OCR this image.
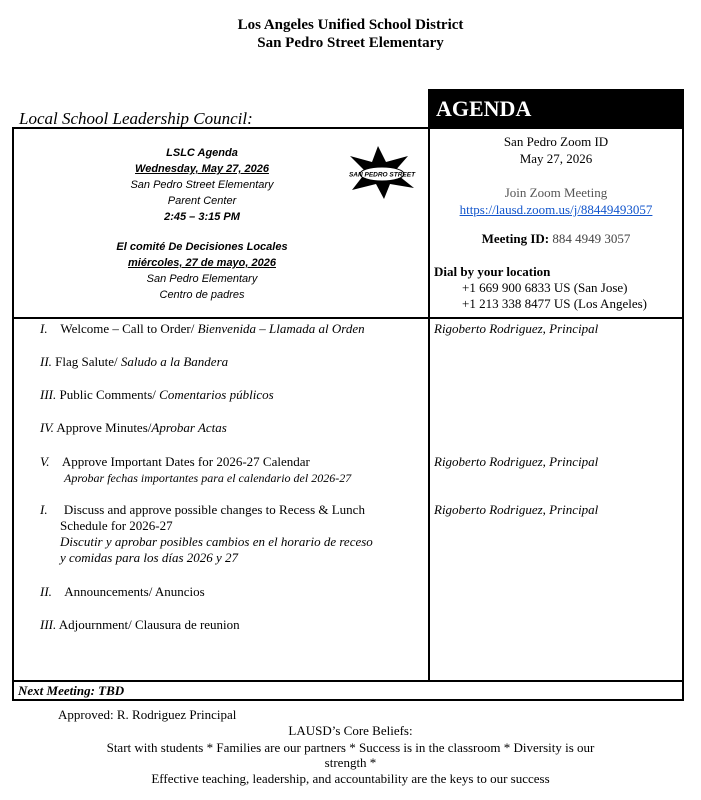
Los Angeles Unified School District
San Pedro Street Elementary
Local School Leadership Council:	AGENDA
LSLC Agenda
Wednesday, May 27, 2026
San Pedro Street Elementary
Parent Center
2:45 – 3:15 PM
El comité De Decisiones Locales
miércoles, 27 de mayo, 2026
San Pedro Elementary
Centro de padres
SAN PEDRO STREET
San Pedro Zoom ID
May 27, 2026
Join Zoom Meeting
https://lausd.zoom.us/j/88449493057
Meeting ID: 884 4949 3057
Dial by your location
+1 669 900 6833 US (San Jose)
+1 213 338 8477 US (Los Angeles)
I. Welcome – Call to Order/ Bienvenida – Llamada al Orden
II. Flag Salute/ Saludo a la Bandera
III. Public Comments/ Comentarios públicos
IV. Approve Minutes/Aprobar Actas
V. Approve Important Dates for 2026-27 Calendar
Aprobar fechas importantes para el calendario del 2026-27
I. Discuss and approve possible changes to Recess & Lunch
Schedule for 2026-27
Discutir y aprobar posibles cambios en el horario de receso
y comidas para los días 2026 y 27
II. Announcements/ Anuncios
III. Adjournment/ Clausura de reunion
Rigoberto Rodriguez, Principal
Rigoberto Rodriguez, Principal
Rigoberto Rodriguez, Principal
Next Meeting: TBD
Approved: R. Rodriguez Principal
LAUSD’s Core Beliefs:
Start with students * Families are our partners * Success is in the classroom * Diversity is our
strength *
Effective teaching, leadership, and accountability are the keys to our success
